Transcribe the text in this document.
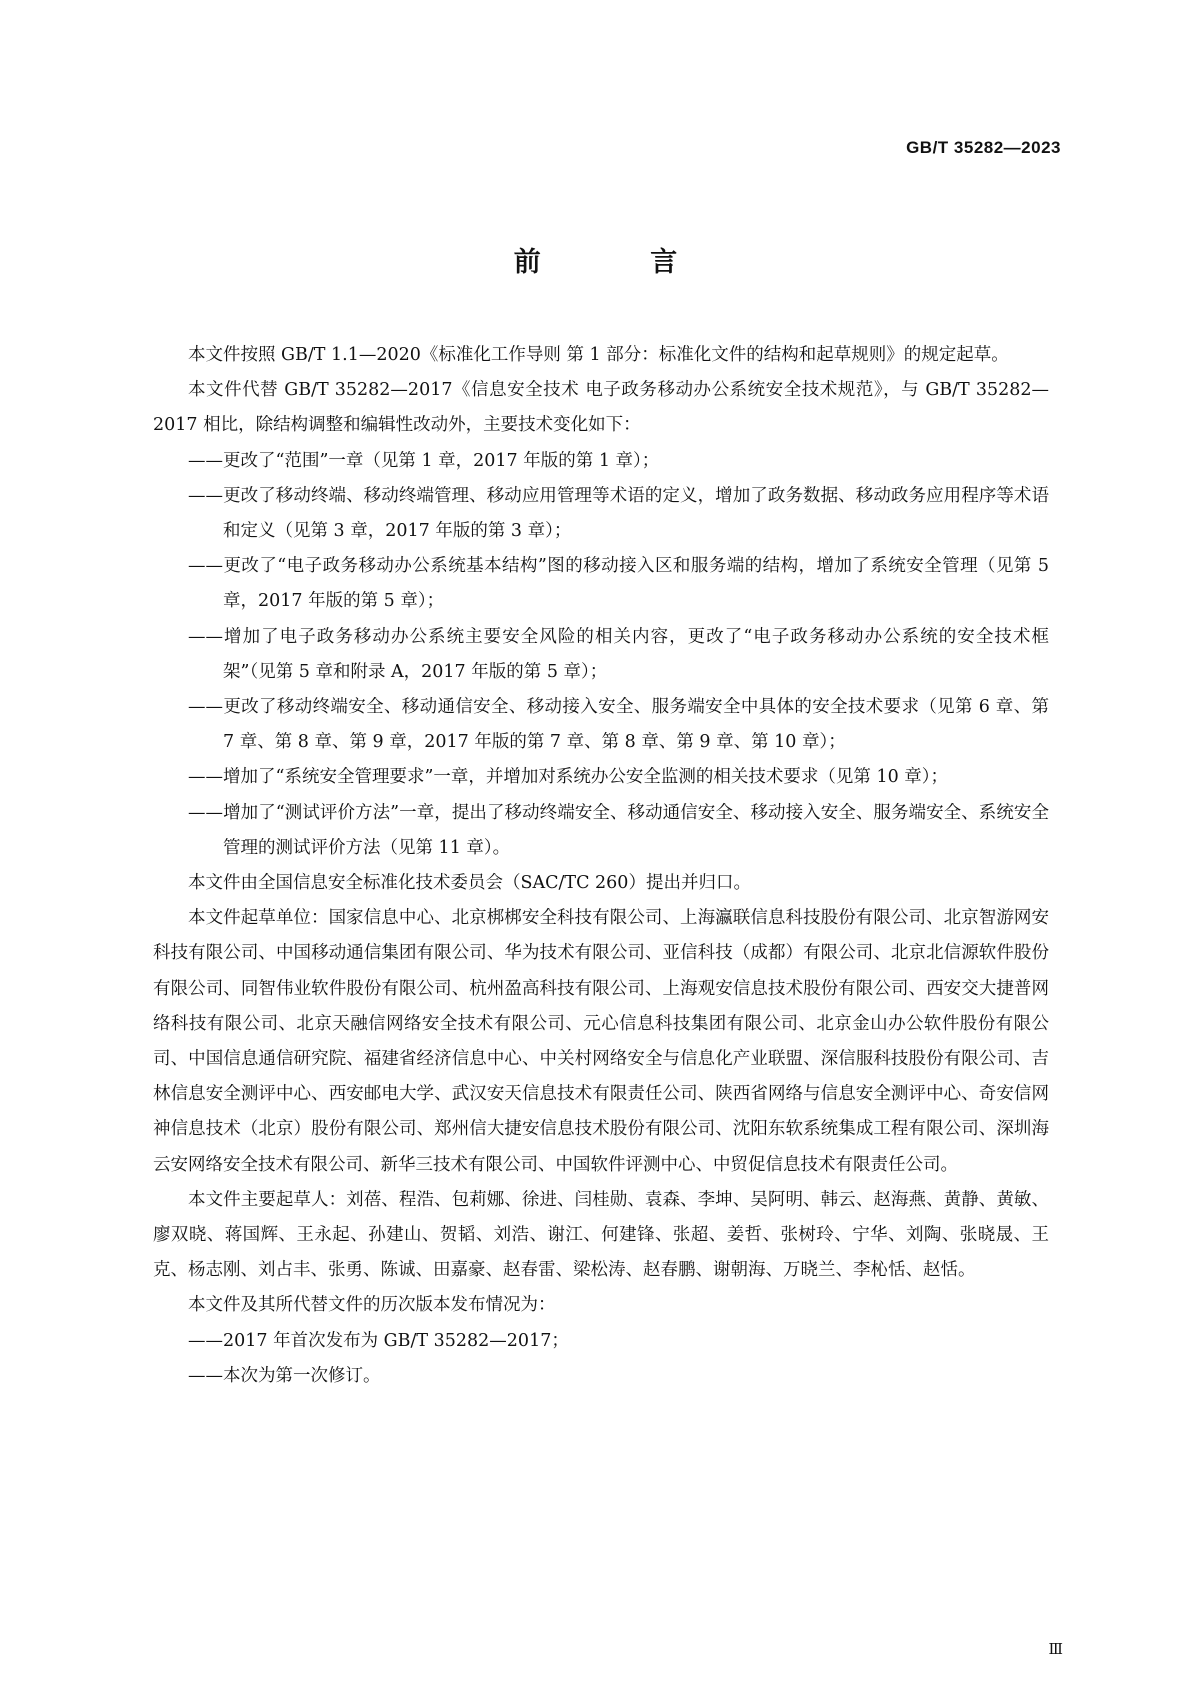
GB/T 35282—2023
前 言

本文件按照 GB/T 1.1—2020《标准化工作导则 第 1 部分：标准化文件的结构和起草规则》的规定起草。

本文件代替 GB/T 35282—2017《信息安全技术 电子政务移动办公系统安全技术规范》，与 GB/T 35282—2017 相比，除结构调整和编辑性改动外，主要技术变化如下：

——更改了“范围”一章（见第 1 章，2017 年版的第 1 章）；

——更改了移动终端、移动终端管理、移动应用管理等术语的定义，增加了政务数据、移动政务应用程序等术语和定义（见第 3 章，2017 年版的第 3 章）；

——更改了“电子政务移动办公系统基本结构”图的移动接入区和服务端的结构，增加了系统安全管理（见第 5 章，2017 年版的第 5 章）；

——增加了电子政务移动办公系统主要安全风险的相关内容，更改了“电子政务移动办公系统的安全技术框架”（见第 5 章和附录 A，2017 年版的第 5 章）；

——更改了移动终端安全、移动通信安全、移动接入安全、服务端安全中具体的安全技术要求（见第 6 章、第 7 章、第 8 章、第 9 章，2017 年版的第 7 章、第 8 章、第 9 章、第 10 章）；

——增加了“系统安全管理要求”一章，并增加对系统办公安全监测的相关技术要求（见第 10 章）；

——增加了“测试评价方法”一章，提出了移动终端安全、移动通信安全、移动接入安全、服务端安全、系统安全管理的测试评价方法（见第 11 章）。

本文件由全国信息安全标准化技术委员会（SAC/TC 260）提出并归口。

本文件起草单位：国家信息中心、北京梆梆安全科技有限公司、上海瀛联信息科技股份有限公司、北京智游网安科技有限公司、中国移动通信集团有限公司、华为技术有限公司、亚信科技（成都）有限公司、北京北信源软件股份有限公司、同智伟业软件股份有限公司、杭州盈高科技有限公司、上海观安信息技术股份有限公司、西安交大捷普网络科技有限公司、北京天融信网络安全技术有限公司、元心信息科技集团有限公司、北京金山办公软件股份有限公司、中国信息通信研究院、福建省经济信息中心、中关村网络安全与信息化产业联盟、深信服科技股份有限公司、吉林信息安全测评中心、西安邮电大学、武汉安天信息技术有限责任公司、陕西省网络与信息安全测评中心、奇安信网神信息技术（北京）股份有限公司、郑州信大捷安信息技术股份有限公司、沈阳东软系统集成工程有限公司、深圳海云安网络安全技术有限公司、新华三技术有限公司、中国软件评测中心、中贸促信息技术有限责任公司。

本文件主要起草人：刘蓓、程浩、包莉娜、徐进、闫桂勋、袁森、李坤、吴阿明、韩云、赵海燕、黄静、黄敏、廖双晓、蒋国辉、王永起、孙建山、贺韬、刘浩、谢江、何建锋、张超、姜哲、张树玲、宁华、刘陶、张晓晟、王克、杨志刚、刘占丰、张勇、陈诚、田嘉豪、赵春雷、梁松涛、赵春鹏、谢朝海、万晓兰、李杺恬、赵恬。

本文件及其所代替文件的历次版本发布情况为：

——2017 年首次发布为 GB/T 35282—2017；

——本次为第一次修订。

Ⅲ
